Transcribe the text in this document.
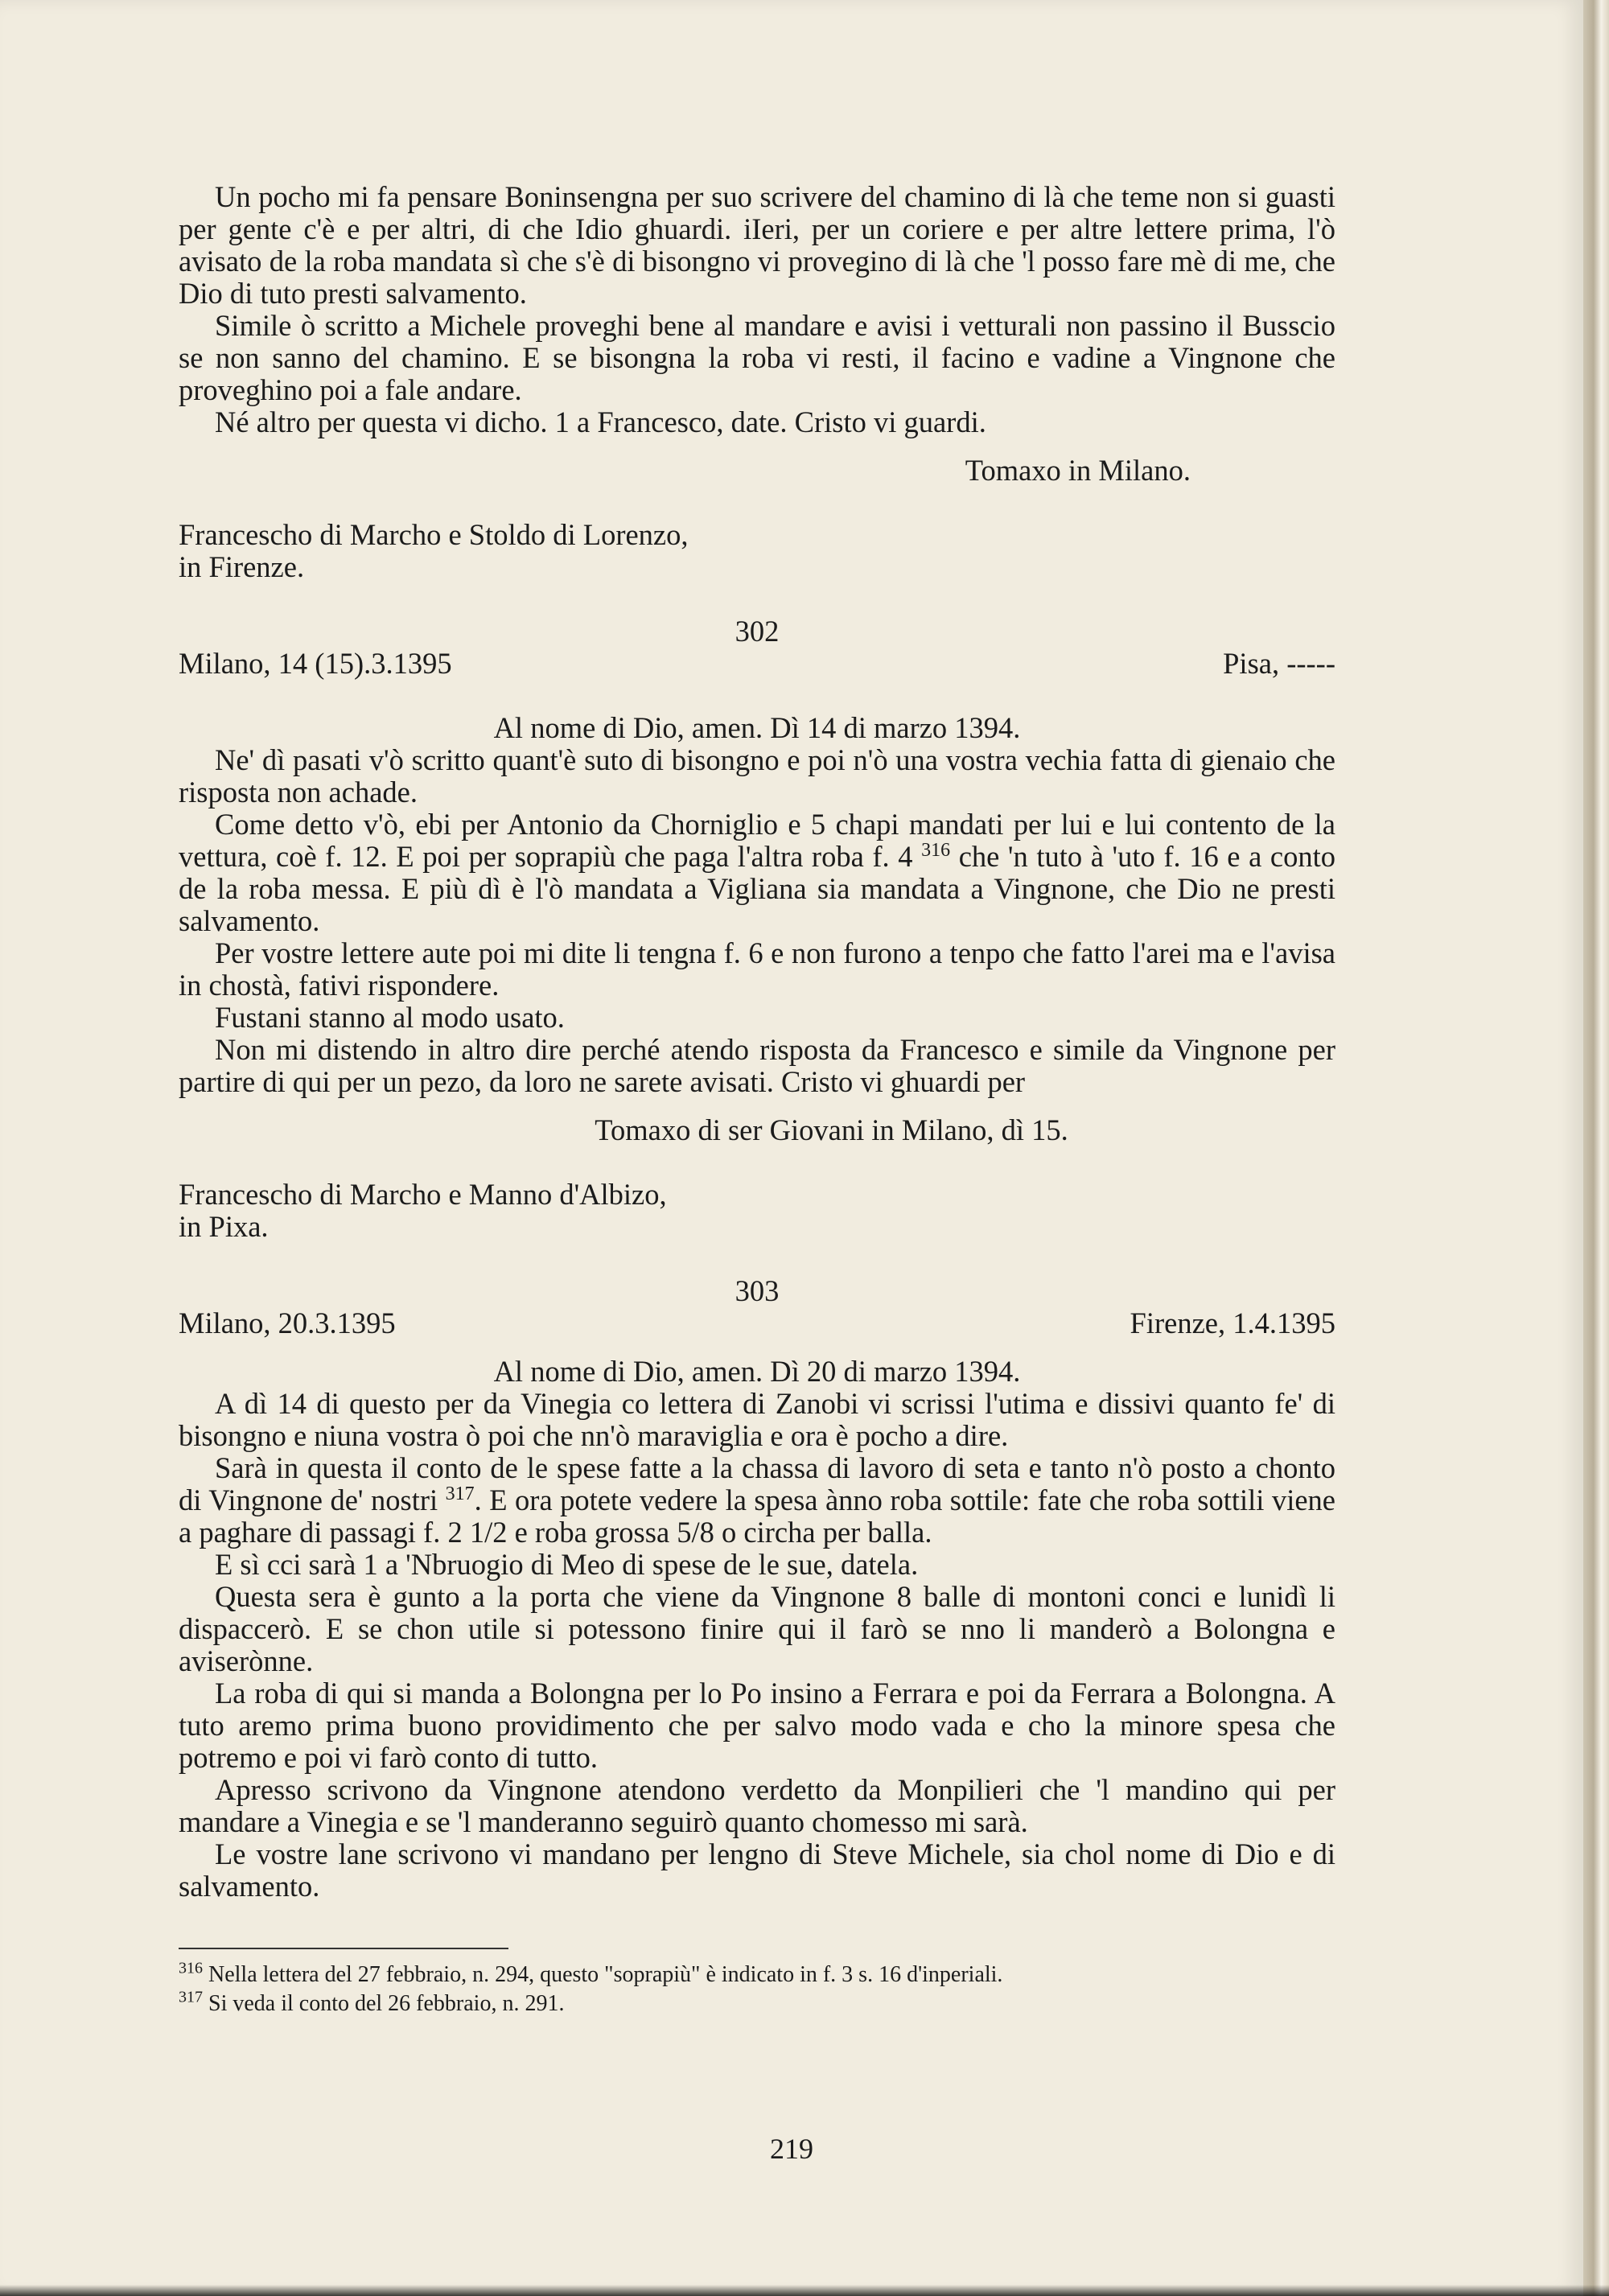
Un pocho mi fa pensare Boninsengna per suo scrivere del chamino di là che teme non si guasti per gente c'è e per altri, di che Idio ghuardi. iIeri, per un coriere e per altre lettere prima, l'ò avisato de la roba mandata sì che s'è di bisongno vi provegino di là che 'l posso fare mè di me, che Dio di tuto presti salvamento.

Simile ò scritto a Michele proveghi bene al mandare e avisi i vetturali non passino il Busscio se non sanno del chamino. E se bisongna la roba vi resti, il facino e vadine a Vingnone che proveghino poi a fale andare.

Né altro per questa vi dicho. 1 a Francesco, date. Cristo vi guardi.

Tomaxo in Milano.

Franceschо di Marcho e Stoldo di Lorenzo,

in Firenze.

302

Milano, 14 (15).3.1395	Pisa, -----

Al nome di Dio, amen. Dì 14 di marzo 1394.

Ne' dì pasati v'ò scritto quant'è suto di bisongno e poi n'ò una vostra vechia fatta di gienaio che risposta non achade.

Come detto v'ò, ebi per Antonio da Chorniglio e 5 chapi mandati per lui e lui contento de la vettura, coè f. 12. E poi per soprapiù che paga l'altra roba f. 4 $^{316}$ che 'n tuto à 'uto f. 16 e a conto de la roba messa. E più dì è l'ò mandata a Vigliana sia mandata a Vingnone, che Dio ne presti salvamento.

Per vostre lettere aute poi mi dite li tengna f. 6 e non furono a tenpo che fatto l'arei ma e l'avisa in chostà, fativi rispondere.

Fustani stanno al modo usato.

Non mi distendo in altro dire perché atendo risposta da Francesco e simile da Vingnone per partire di qui per un pezo, da loro ne sarete avisati. Cristo vi ghuardi per

Tomaxo di ser Giovani in Milano, dì 15.

Franceschо di Marcho e Manno d'Albizo,

in Pixa.

303

Milano, 20.3.1395	Firenze, 1.4.1395

Al nome di Dio, amen. Dì 20 di marzo 1394.

A dì 14 di questo per da Vinegia co lettera di Zanobi vi scrissi l'utima e dissivi quanto fe' di bisongno e niuna vostra ò poi che nn'ò maraviglia e ora è pocho a dire.

Sarà in questa il conto de le spese fatte a la chassa di lavoro di seta e tanto n'ò posto a chonto di Vingnone de' nostri $^{317}$. E ora potete vedere la spesa ànno roba sottile: fate che roba sottili viene a paghare di passagi f. 2 1/2 e roba grossa 5/8 o circha per balla.

E sì cci sarà 1 a 'Nbruogio di Meo di spese de le sue, datela.

Questa sera è gunto a la porta che viene da Vingnone 8 balle di montoni conci e lunidì li dispaccerò. E se chon utile si potessono finire qui il farò se nno li manderò a Bolongna e aviserònne.

La roba di qui si manda a Bolongna per lo Po insino a Ferrara e poi da Ferrara a Bolongna. A tuto aremo prima buono providimento che per salvo modo vada e cho la minore spesa che potremo e poi vi farò conto di tutto.

Apresso scrivono da Vingnone atendono verdetto da Monpilieri che 'l mandino qui per mandare a Vinegia e se 'l manderanno seguirò quanto chomesso mi sarà.

Le vostre lane scrivono vi mandano per lengno di Steve Michele, sia chol nome di Dio e di salvamento.

$^{316}$ Nella lettera del 27 febbraio, n. 294, questo "soprapiù" è indicato in f. 3 s. 16 d'inperiali.

$^{317}$ Si veda il conto del 26 febbraio, n. 291.

219
